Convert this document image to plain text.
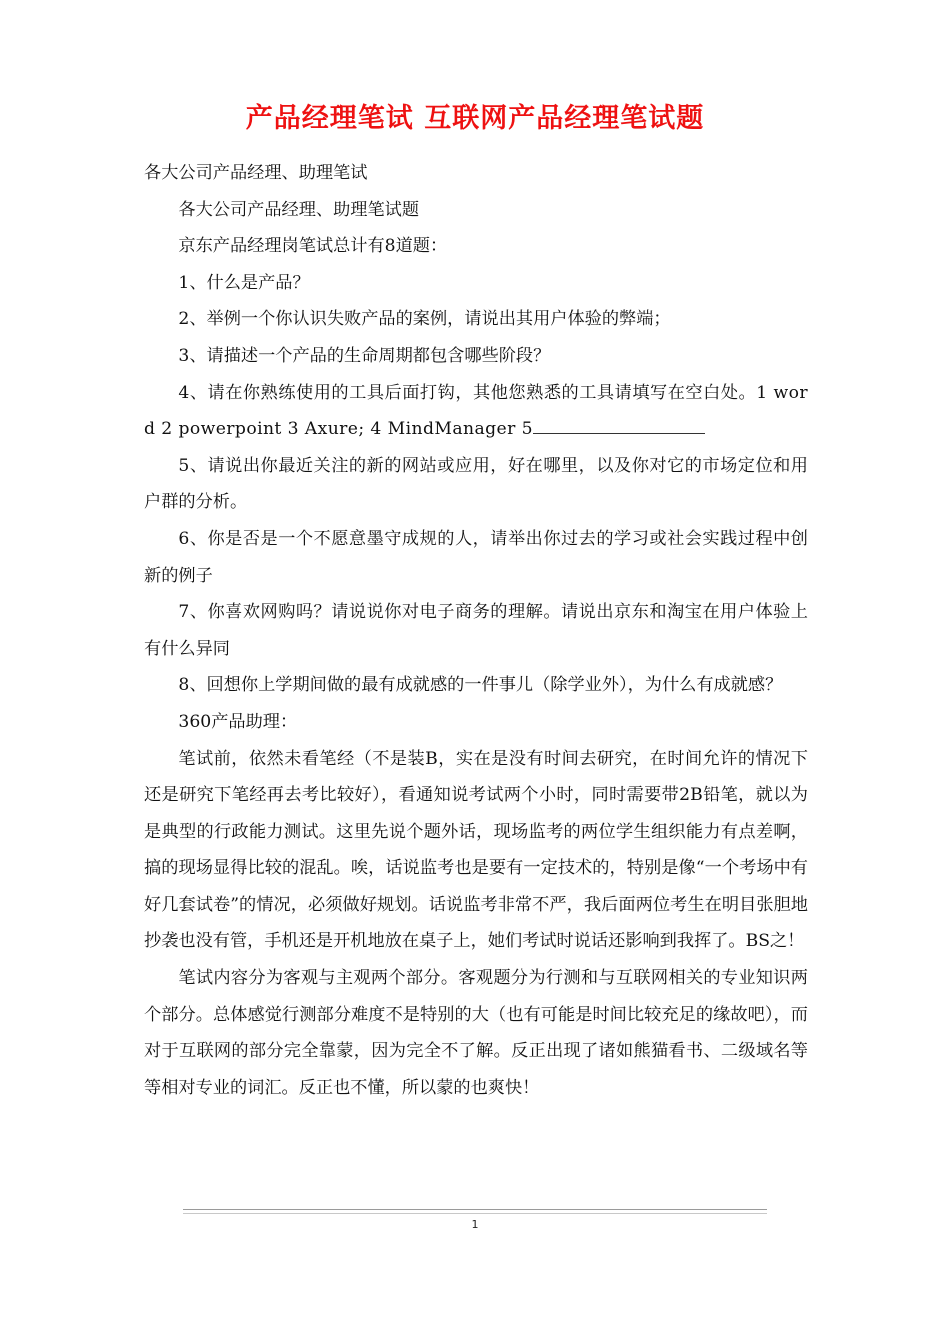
产品经理笔试 互联网产品经理笔试题

各大公司产品经理、助理笔试

各大公司产品经理、助理笔试题

京东产品经理岗笔试总计有8道题：

1、什么是产品？

2、举例一个你认识失败产品的案例，请说出其用户体验的弊端；

3、请描述一个产品的生命周期都包含哪些阶段？

4、请在你熟练使用的工具后面打钩，其他您熟悉的工具请填写在空白处。1 word 2 powerpoint 3 Axure; 4 MindManager 5

5、请说出你最近关注的新的网站或应用，好在哪里，以及你对它的市场定位和用户群的分析。

6、你是否是一个不愿意墨守成规的人，请举出你过去的学习或社会实践过程中创新的例子

7、你喜欢网购吗？请说说你对电子商务的理解。请说出京东和淘宝在用户体验上有什么异同

8、回想你上学期间做的最有成就感的一件事儿（除学业外），为什么有成就感？

360产品助理：

笔试前，依然未看笔经（不是装B，实在是没有时间去研究，在时间允许的情况下还是研究下笔经再去考比较好），看通知说考试两个小时，同时需要带2B铅笔，就以为是典型的行政能力测试。这里先说个题外话，现场监考的两位学生组织能力有点差啊，搞的现场显得比较的混乱。唉，话说监考也是要有一定技术的，特别是像“一个考场中有好几套试卷”的情况，必须做好规划。话说监考非常不严，我后面两位考生在明目张胆地抄袭也没有管，手机还是开机地放在桌子上，她们考试时说话还影响到我挥了。BS之！

笔试内容分为客观与主观两个部分。客观题分为行测和与互联网相关的专业知识两个部分。总体感觉行测部分难度不是特别的大（也有可能是时间比较充足的缘故吧），而对于互联网的部分完全靠蒙，因为完全不了解。反正出现了诸如熊猫看书、二级域名等等相对专业的词汇。反正也不懂，所以蒙的也爽快！

1
